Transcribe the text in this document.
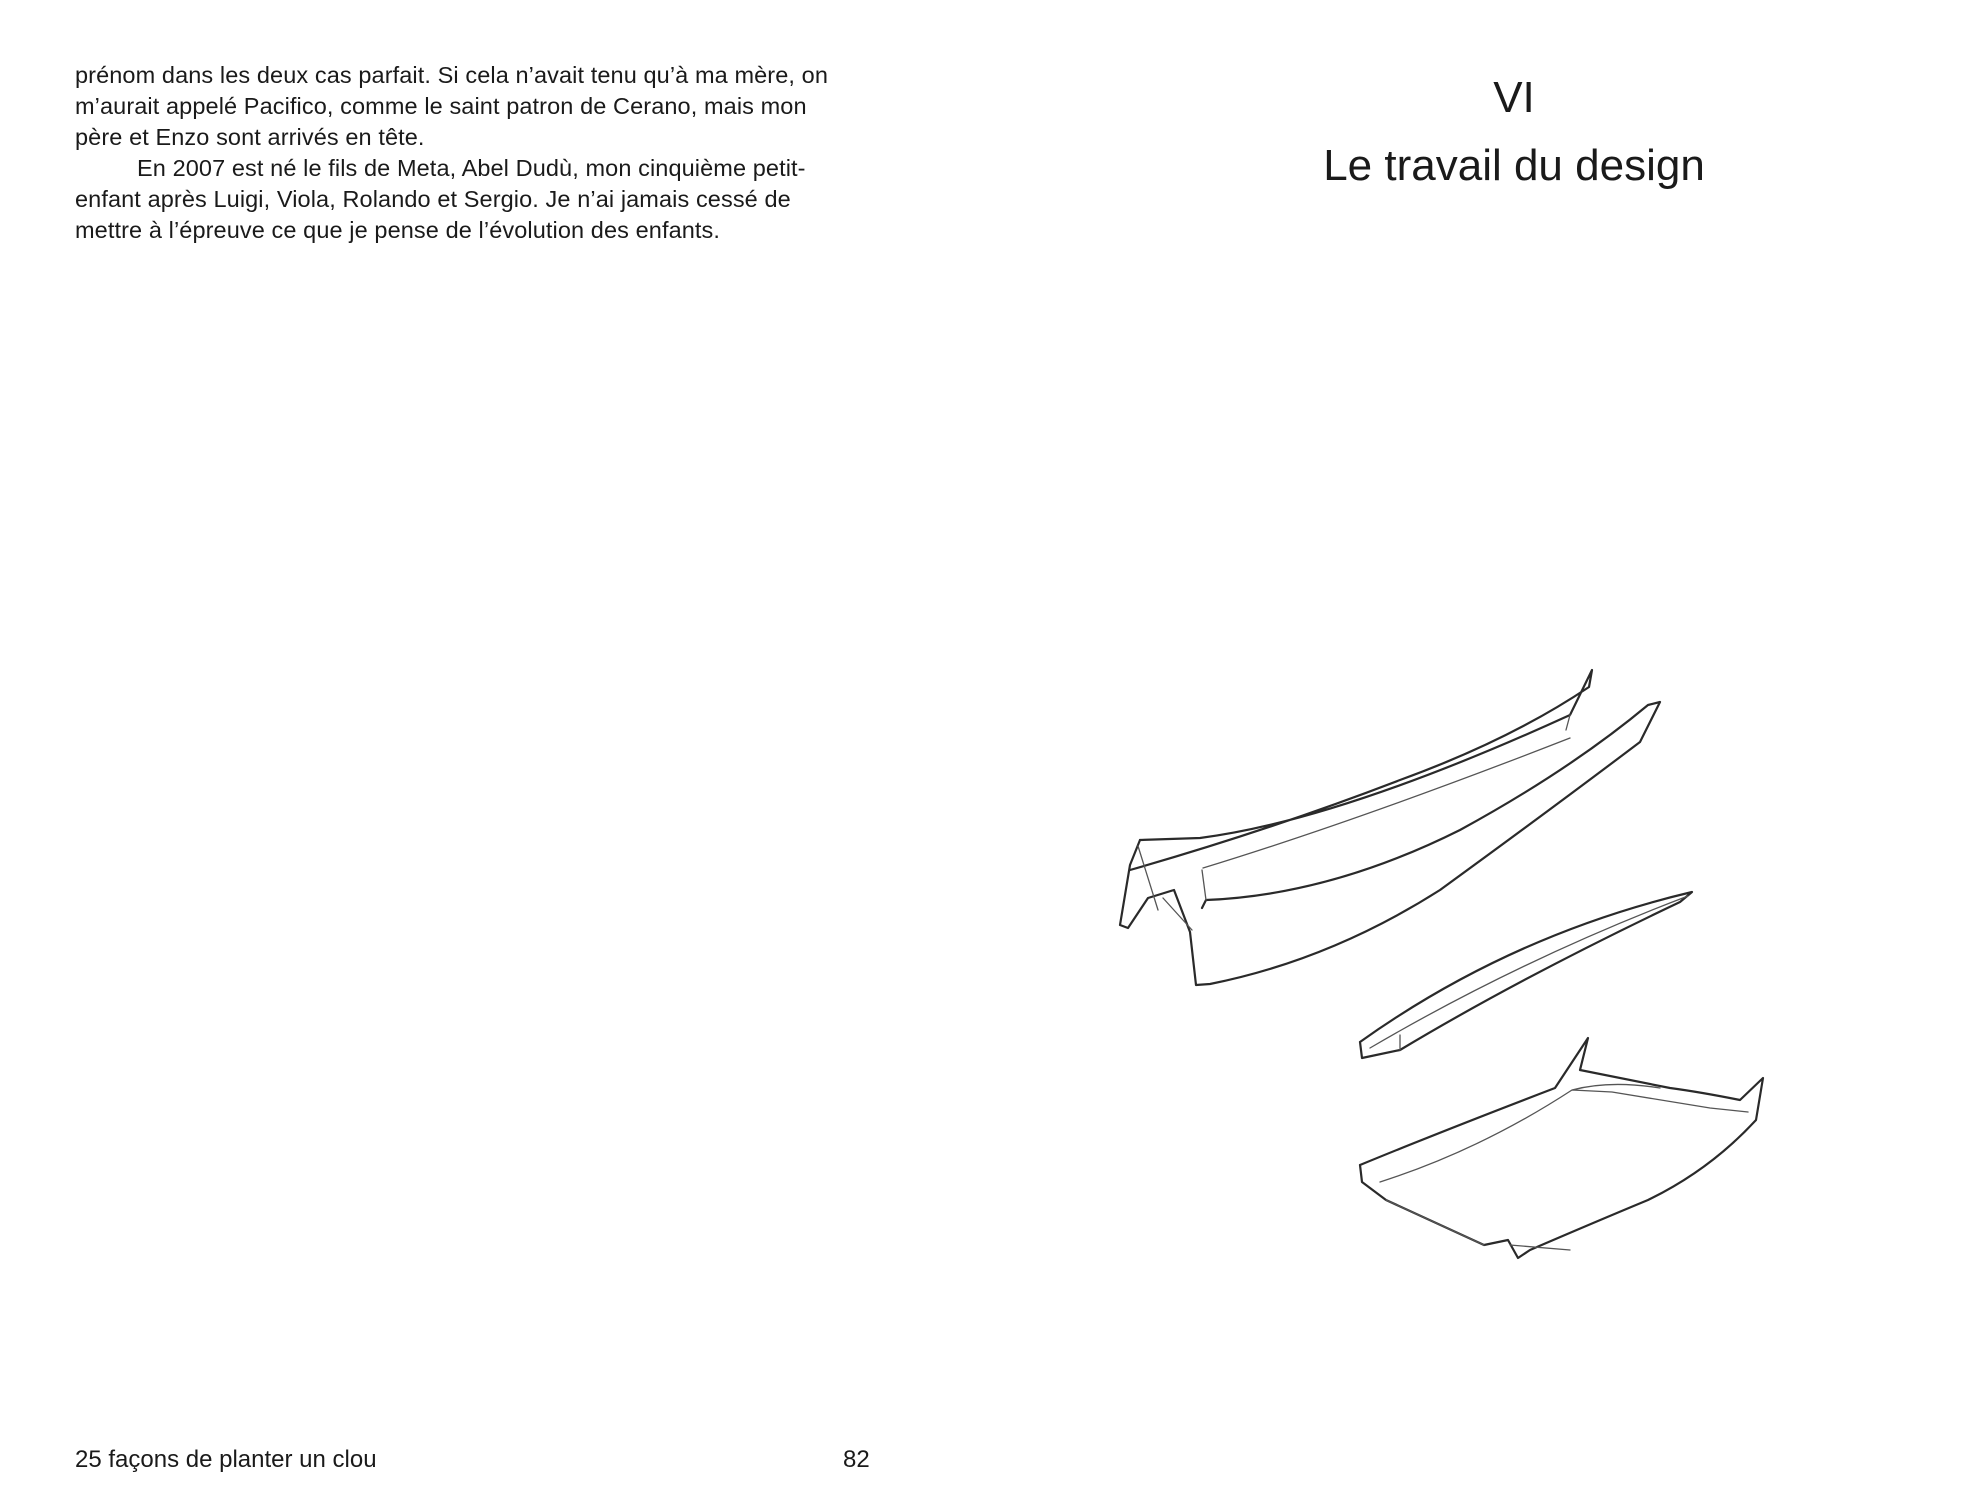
prénom dans les deux cas parfait. Si cela n’avait tenu qu’à ma mère, on m’aurait appelé Pacifico, comme le saint patron de Cerano, mais mon père et Enzo sont arrivés en tête.

En 2007 est né le fils de Meta, Abel Dudù, mon cinquième petit-enfant après Luigi, Viola, Rolando et Sergio. Je n’ai jamais cessé de mettre à l’épreuve ce que je pense de l’évolution des enfants.

25 façons de planter un clou	82
VI
Le travail du design
